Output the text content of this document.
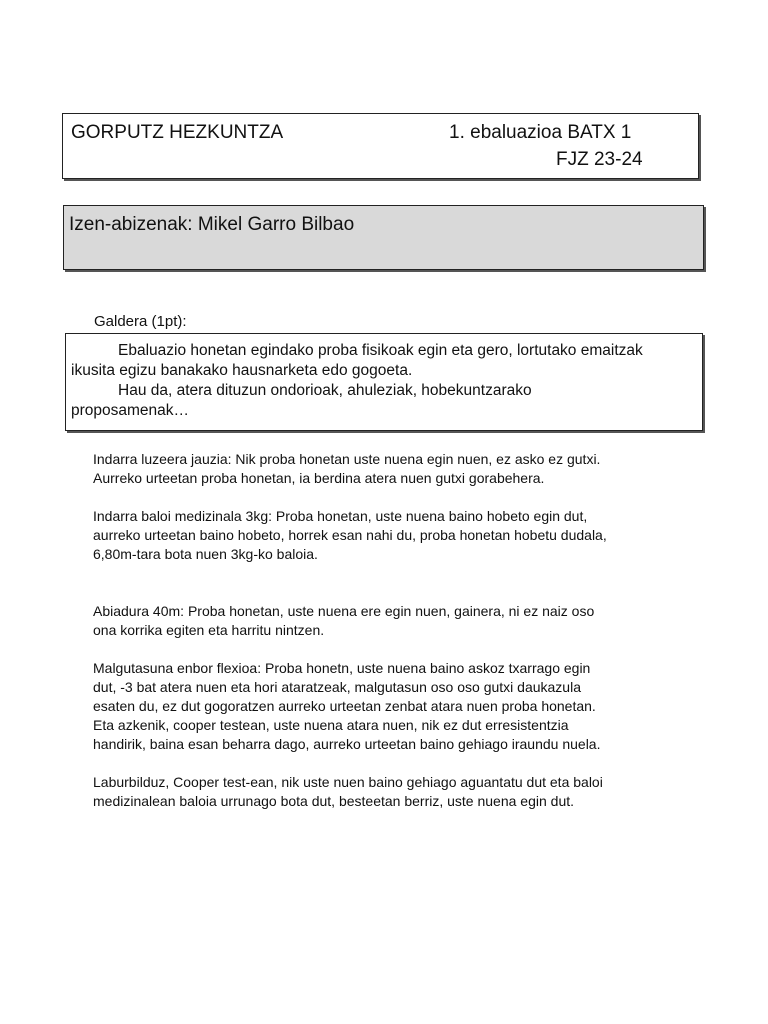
GORPUTZ HEZKUNTZA	1. ebaluazioa BATX 1
FJZ 23-24
Izen-abizenak: Mikel Garro Bilbao
Galdera (1pt):
Ebaluazio honetan egindako proba fisikoak egin eta gero, lortutako emaitzak
ikusita egizu banakako hausnarketa edo gogoeta.
Hau da, atera dituzun ondorioak, ahuleziak, hobekuntzarako
proposamenak…

Indarra luzeera jauzia: Nik proba honetan uste nuena egin nuen, ez asko ez gutxi.
Aurreko urteetan proba honetan, ia berdina atera nuen gutxi gorabehera.

Indarra baloi medizinala 3kg: Proba honetan, uste nuena baino hobeto egin dut,
aurreko urteetan baino hobeto, horrek esan nahi du, proba honetan hobetu dudala,
6,80m-tara bota nuen 3kg-ko baloia.

Abiadura 40m: Proba honetan, uste nuena ere egin nuen, gainera, ni ez naiz oso
ona korrika egiten eta harritu nintzen.

Malgutasuna enbor flexioa: Proba honetn, uste nuena baino askoz txarrago egin
dut, -3 bat atera nuen eta hori ataratzeak, malgutasun oso oso gutxi daukazula
esaten du, ez dut gogoratzen aurreko urteetan zenbat atara nuen proba honetan.
Eta azkenik, cooper testean, uste nuena atara nuen, nik ez dut erresistentzia
handirik, baina esan beharra dago, aurreko urteetan baino gehiago iraundu nuela.

Laburbilduz, Cooper test-ean, nik uste nuen baino gehiago aguantatu dut eta baloi
medizinalean baloia urrunago bota dut, besteetan berriz, uste nuena egin dut.
